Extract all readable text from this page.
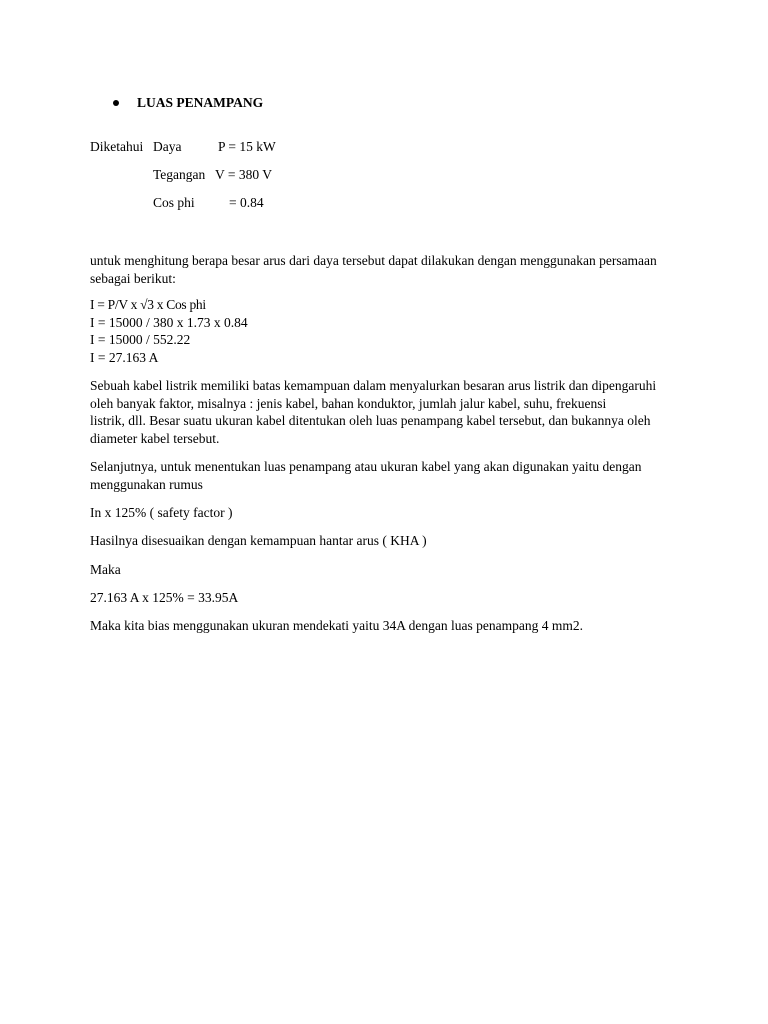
LUAS PENAMPANG
Diketahui Daya	P = 15 kW
Tegangan V = 380 V
Cos phi	= 0.84
untuk menghitung berapa besar arus dari daya tersebut dapat dilakukan dengan menggunakan persamaan sebagai berikut:
I = P/V x √3 x Cos phi
I = 15000 / 380 x 1.73 x 0.84
I = 15000 / 552.22
I = 27.163 A
Sebuah kabel listrik memiliki batas kemampuan dalam menyalurkan besaran arus listrik dan dipengaruhi
oleh banyak faktor, misalnya : jenis kabel, bahan konduktor, jumlah jalur kabel, suhu, frekuensi
listrik, dll. Besar suatu ukuran kabel ditentukan oleh luas penampang kabel tersebut, dan bukannya oleh
diameter kabel tersebut.
Selanjutnya, untuk menentukan luas penampang atau ukuran kabel yang akan digunakan yaitu dengan
menggunakan rumus
In x 125% ( safety factor )
Hasilnya disesuaikan dengan kemampuan hantar arus ( KHA )
Maka
27.163 A x 125% = 33.95A
Maka kita bias menggunakan ukuran mendekati yaitu 34A dengan luas penampang 4 mm2.
